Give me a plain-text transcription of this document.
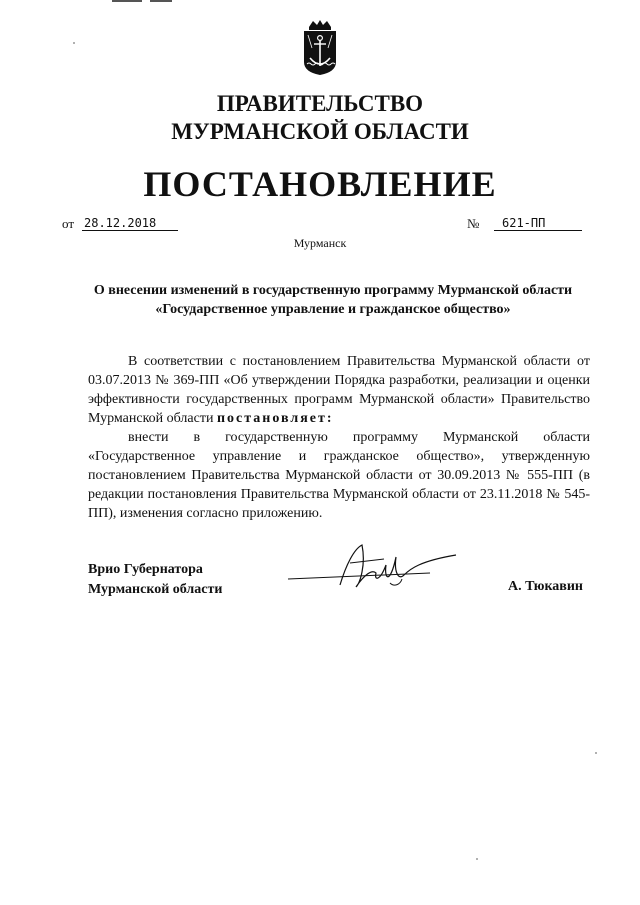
ПРАВИТЕЛЬСТВО
МУРМАНСКОЙ ОБЛАСТИ
ПОСТАНОВЛЕНИЕ
от 28.12.2018	№	621-ПП
Мурманск
О внесении изменений в государственную программу Мурманской области «Государственное управление и гражданское общество»

В соответствии с постановлением Правительства Мурманской области от 03.07.2013 № 369-ПП «Об утверждении Порядка разработки, реализации и оценки эффективности государственных программ Мурманской области» Правительство Мурманской области постановляет:

внести в государственную программу Мурманской области «Государственное управление и гражданское общество», утвержденную постановлением Правительства Мурманской области от 30.09.2013 № 555-ПП (в редакции постановления Правительства Мурманской области от 23.11.2018 № 545-ПП), изменения согласно приложению.

Врио Губернатора
Мурманской области	А. Тюкавин
